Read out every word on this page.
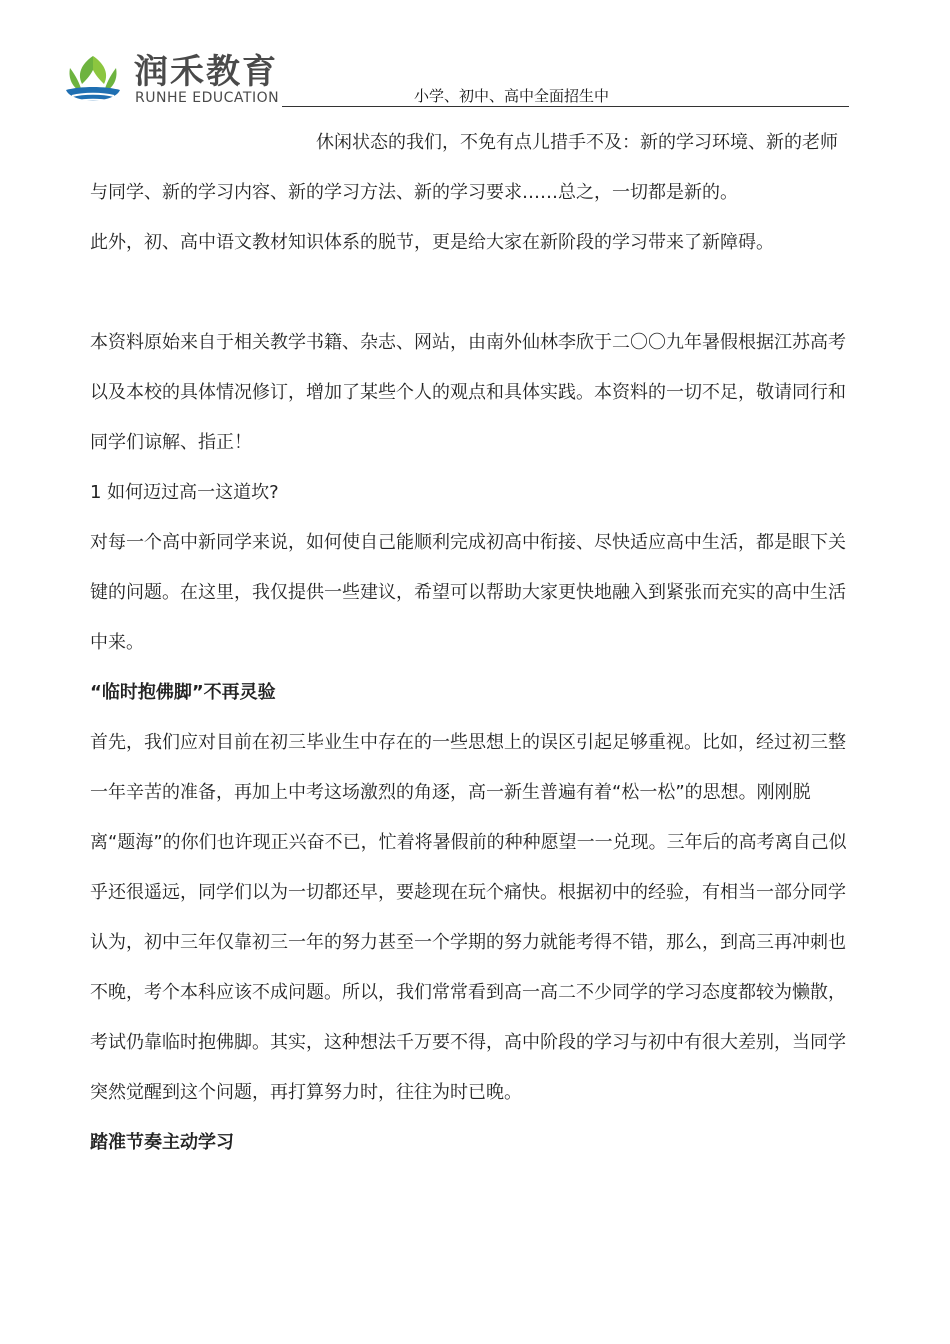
润禾教育
RUNHE EDUCATION	小学、初中、高中全面招生中

休闲状态的我们，不免有点儿措手不及：新的学习环境、新的老师与同学、新的学习内容、新的学习方法、新的学习要求……总之，一切都是新的。

此外，初、高中语文教材知识体系的脱节，更是给大家在新阶段的学习带来了新障碍。

本资料原始来自于相关教学书籍、杂志、网站，由南外仙林李欣于二〇〇九年暑假根据江苏高考以及本校的具体情况修订，增加了某些个人的观点和具体实践。本资料的一切不足，敬请同行和同学们谅解、指正！

1 如何迈过高一这道坎?

对每一个高中新同学来说，如何使自己能顺利完成初高中衔接、尽快适应高中生活，都是眼下关键的问题。在这里，我仅提供一些建议，希望可以帮助大家更快地融入到紧张而充实的高中生活中来。

“临时抱佛脚”不再灵验

首先，我们应对目前在初三毕业生中存在的一些思想上的误区引起足够重视。比如，经过初三整一年辛苦的准备，再加上中考这场激烈的角逐，高一新生普遍有着“松一松”的思想。刚刚脱离“题海”的你们也许现正兴奋不已，忙着将暑假前的种种愿望一一兑现。三年后的高考离自己似乎还很遥远，同学们以为一切都还早，要趁现在玩个痛快。根据初中的经验，有相当一部分同学认为，初中三年仅靠初三一年的努力甚至一个学期的努力就能考得不错，那么，到高三再冲刺也不晚，考个本科应该不成问题。所以，我们常常看到高一高二不少同学的学习态度都较为懒散，考试仍靠临时抱佛脚。其实，这种想法千万要不得，高中阶段的学习与初中有很大差别，当同学突然觉醒到这个问题，再打算努力时，往往为时已晚。

踏准节奏主动学习
